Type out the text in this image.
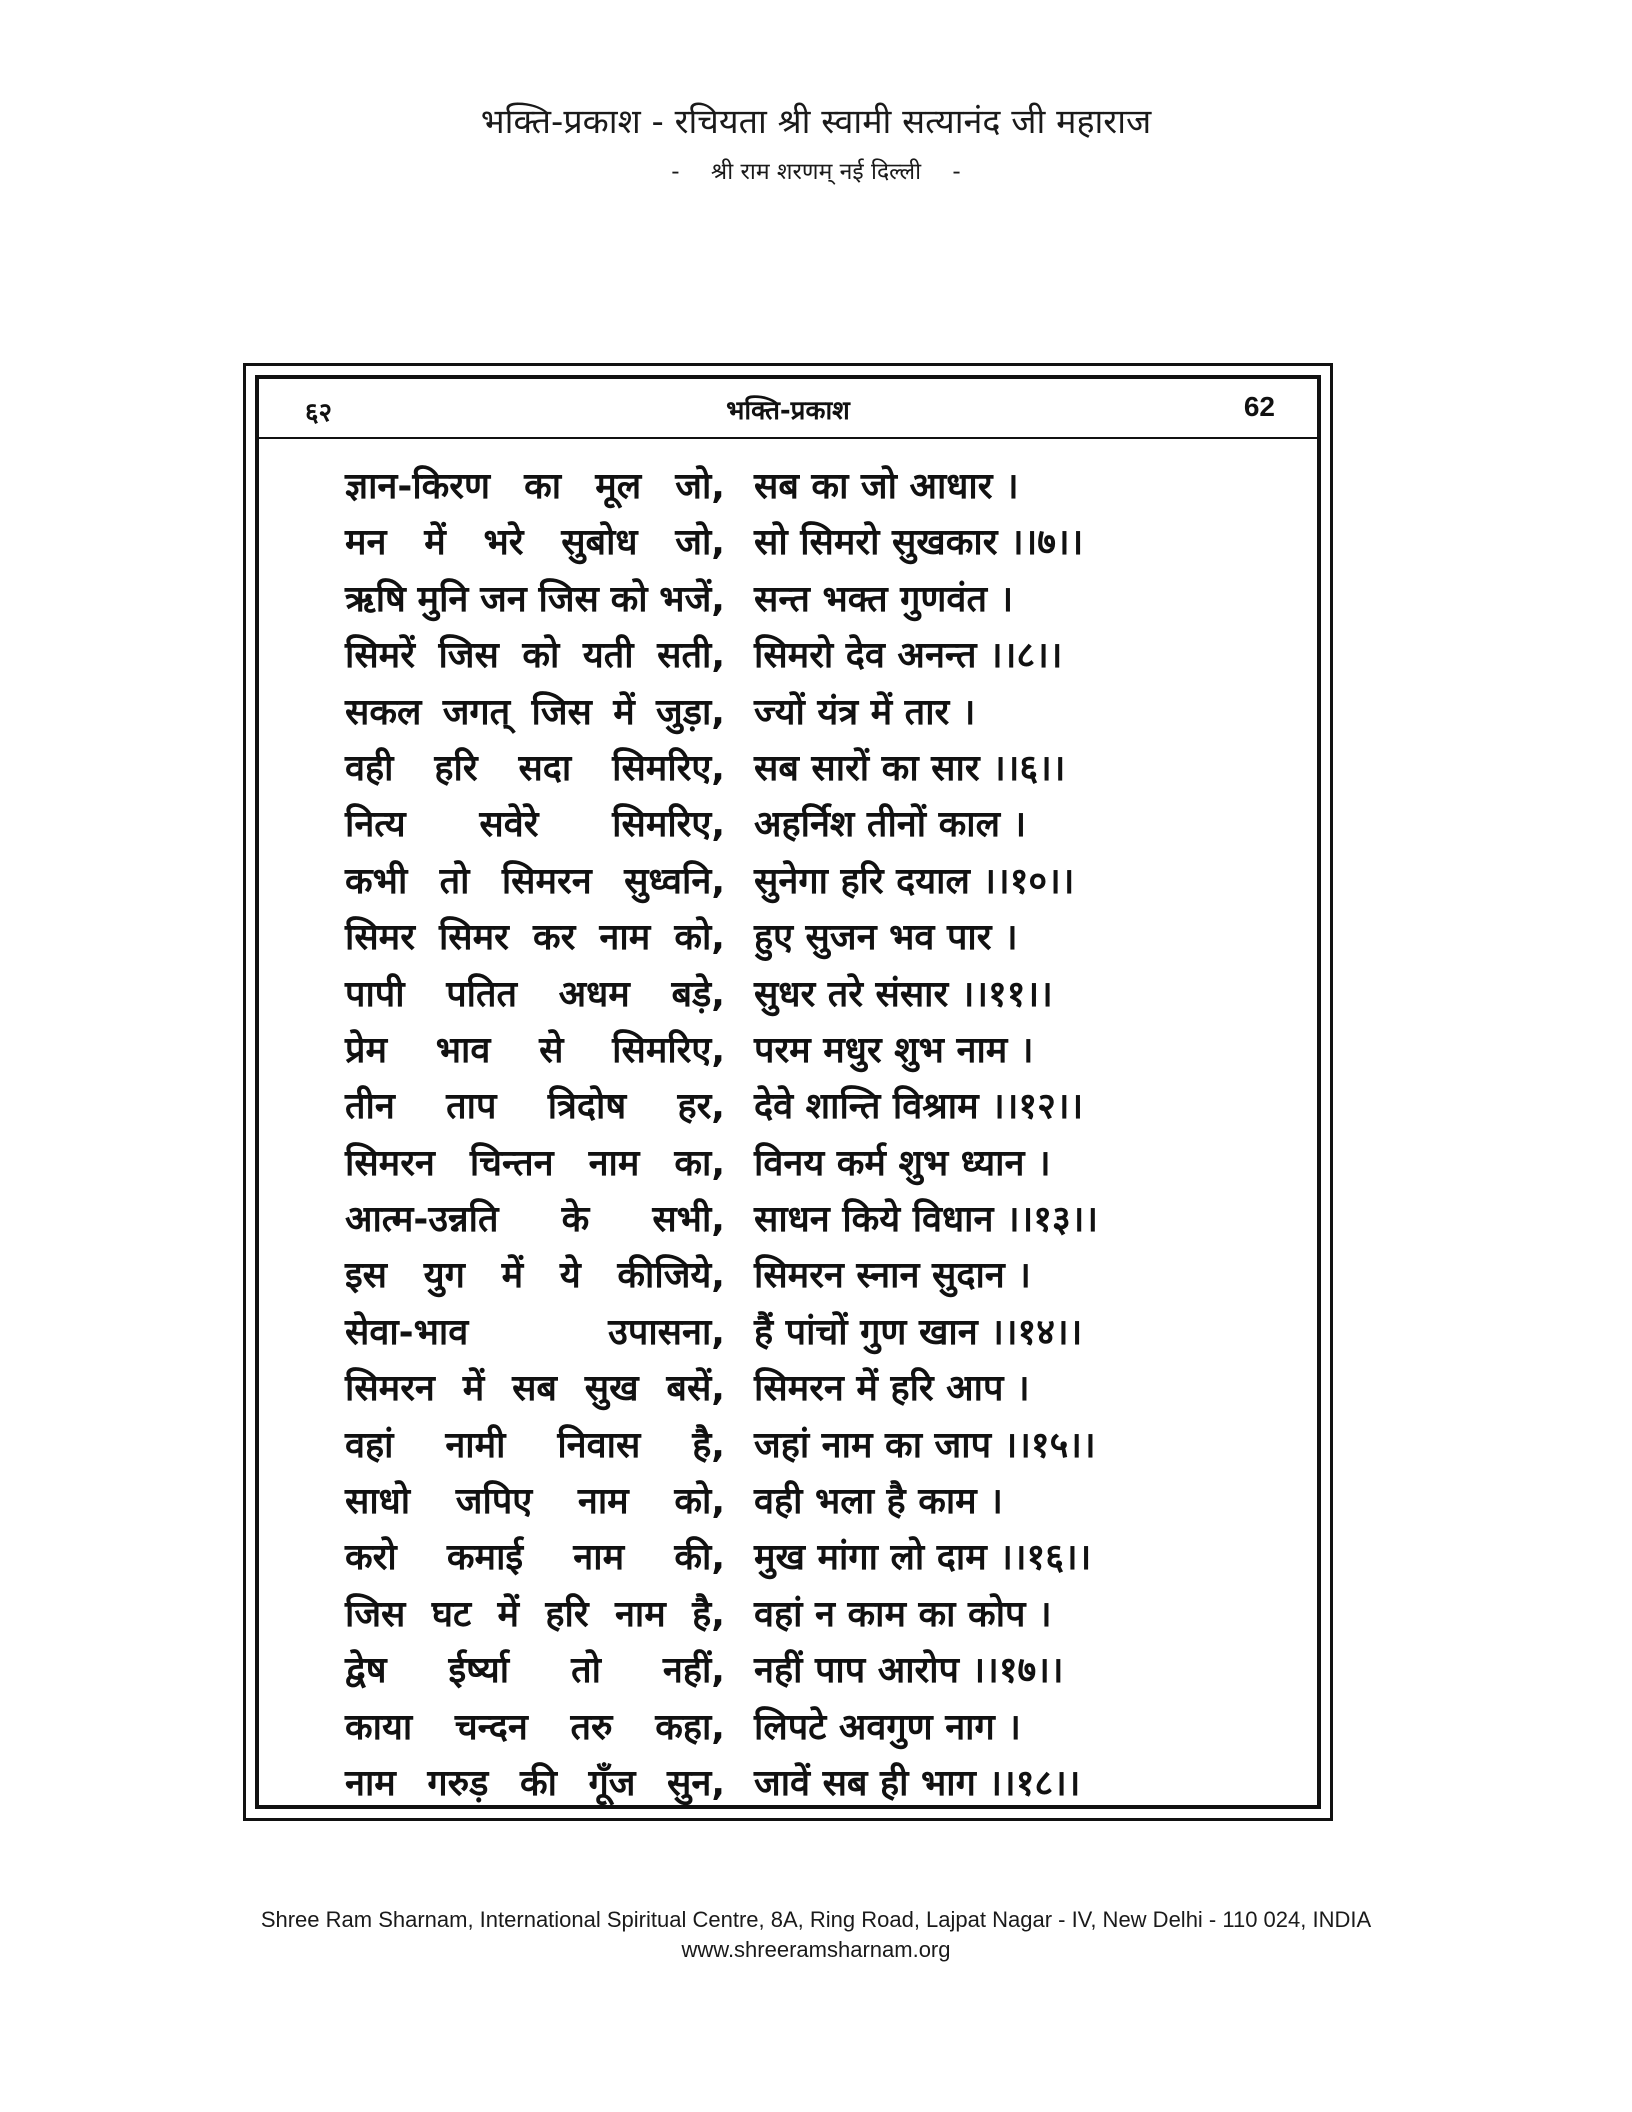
भक्ति-प्रकाश - रचियता श्री स्वामी सत्यानंद जी महाराज
- श्री राम शरणम् नई दिल्ली -
६२	भक्ति-प्रकाश	62
ज्ञान-किरण का मूल जो, सब का जो आधार ।
मन में भरे सुबोध जो, सो सिमरो सुखकार ।।७।।
ऋषि मुनि जन जिस को भजें, सन्त भक्त गुणवंत ।
सिमरें जिस को यती सती, सिमरो देव अनन्त ।।८।।
सकल जगत् जिस में जुड़ा, ज्यों यंत्र में तार ।
वही हरि सदा सिमरिए, सब सारों का सार ।।६।।
नित्य सवेरे सिमरिए, अहर्निश तीनों काल ।
कभी तो सिमरन सुध्वनि, सुनेगा हरि दयाल ।।१०।।
सिमर सिमर कर नाम को, हुए सुजन भव पार ।
पापी पतित अधम बड़े, सुधर तरे संसार ।।११।।
प्रेम भाव से सिमरिए, परम मधुर शुभ नाम ।
तीन ताप त्रिदोष हर, देवे शान्ति विश्राम ।।१२।।
सिमरन चिन्तन नाम का, विनय कर्म शुभ ध्यान ।
आत्म-उन्नति के सभी, साधन किये विधान ।।१३।।
इस युग में ये कीजिये, सिमरन स्नान सुदान ।
सेवा-भाव	उपासना, हैं पांचों गुण खान ।।१४।।
सिमरन में सब सुख बसें, सिमरन में हरि आप ।
वहां नामी निवास है, जहां नाम का जाप ।।१५।।
साधो जपिए नाम को, वही भला है काम ।
करो कमाई नाम की, मुख मांगा लो दाम ।।१६।।
जिस घट में हरि नाम है, वहां न काम का कोप ।
द्वेष ईर्ष्या तो नहीं, नहीं पाप आरोप ।।१७।।
काया चन्दन तरु कहा, लिपटे अवगुण नाग ।
नाम गरुड़ की गूँज सुन, जावें सब ही भाग ।।१८।।
Shree Ram Sharnam, International Spiritual Centre, 8A, Ring Road, Lajpat Nagar - IV, New Delhi - 110 024, INDIA
www.shreeramsharnam.org
